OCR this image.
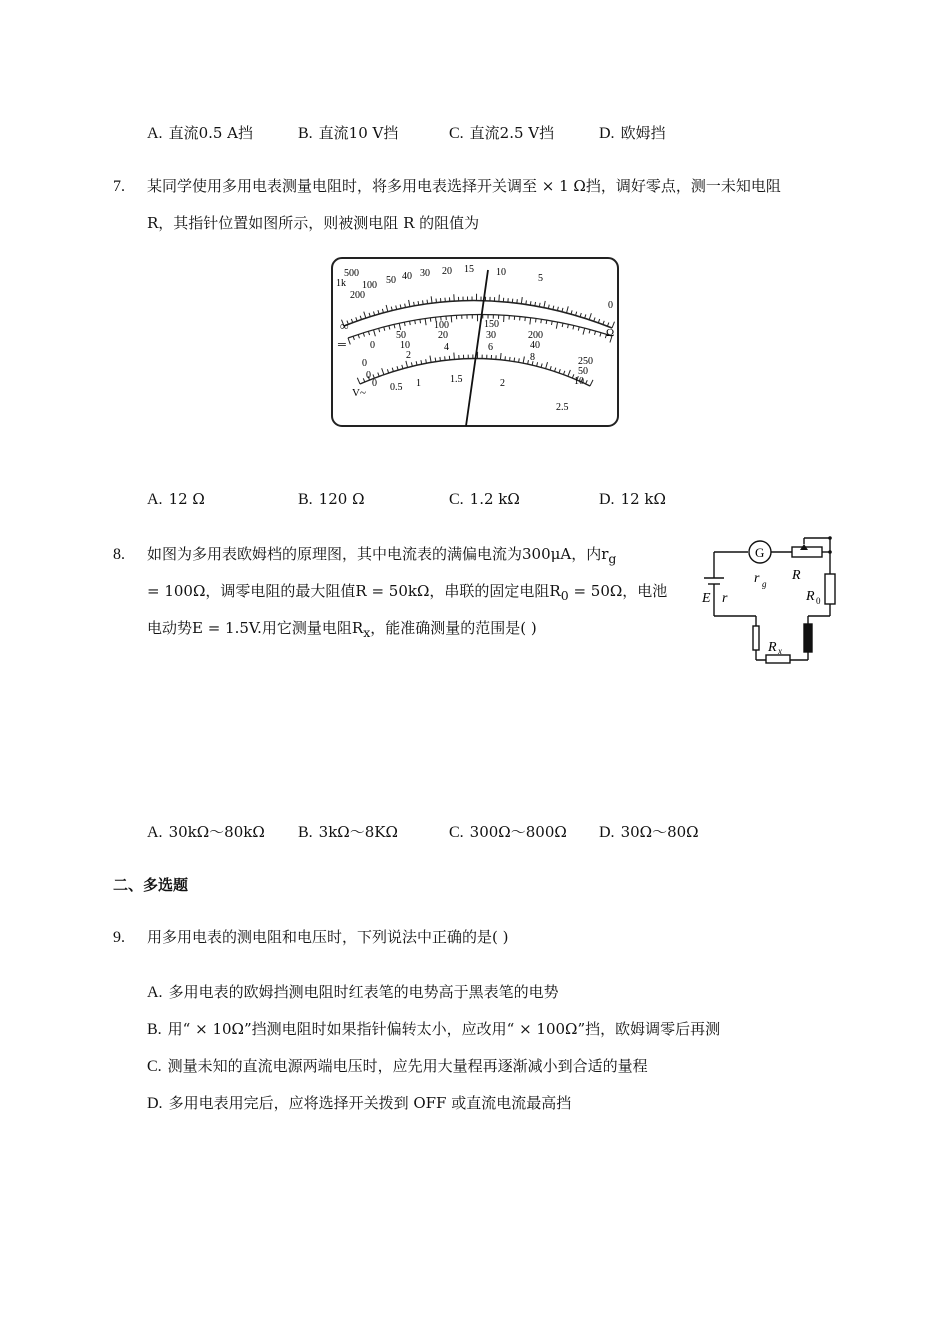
A. 直流0.5 A挡	B. 直流10 V挡	C. 直流2.5 V挡	D. 欧姆挡
7. 某同学使用多用电表测量电阻时，将多用电表选择开关调至 × 1 Ω挡，调好零点，测一未知电阻
R，其指针位置如图所示，则被测电阻 R 的阻值为
1k
500
200
100 50 40 30 20 15 10
5
0
Ω
∞
═ 0
50
100	150
200
250
0
10
20	30
40
50
0
2
4	6
8
10
V~
0 0.5 1	1.5	2
2.5
A. 12 Ω	B. 120 Ω	C. 1.2 kΩ	D. 12 kΩ
8. 如图为多用表欧姆档的原理图，其中电流表的满偏电流为300μA，内$r_g$
= 100Ω，调零电阻的最大阻值R = 50kΩ，串联的固定电阻$R_0 = 50\Omega$，电池
电动势E = 1.5V.用它测量电阻$R_x$，能准确测量的范围是( )
G
r g
R
R 0
E r
R x
A. 30kΩ～80kΩ B. 3kΩ～8KΩ	C. 300Ω～800Ω D. 30Ω～80Ω
二、多选题
9. 用多用电表的测电阻和电压时，下列说法中正确的是( )
A. 多用电表的欧姆挡测电阻时红表笔的电势高于黑表笔的电势
B. 用“ × 10Ω”挡测电阻时如果指针偏转太小，应改用“ × 100Ω”挡，欧姆调零后再测
C. 测量未知的直流电源两端电压时，应先用大量程再逐渐减小到合适的量程
D. 多用电表用完后，应将选择开关拨到 OFF 或直流电流最高挡
